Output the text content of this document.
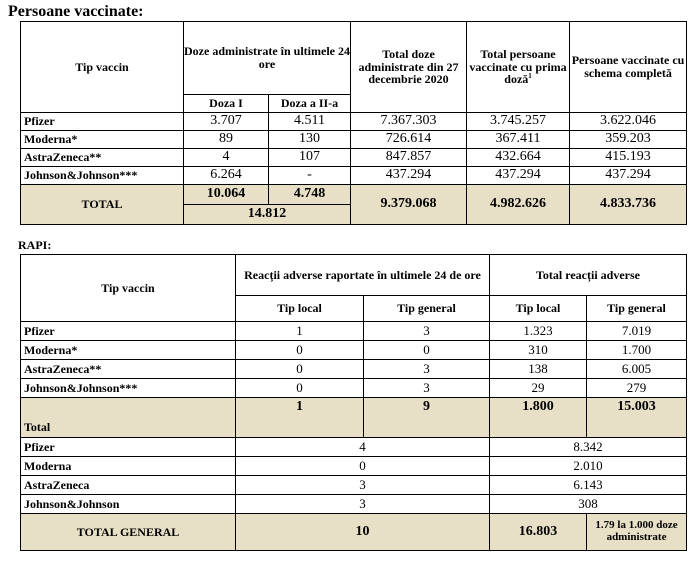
Persoane vaccinate:
Tip vaccin	Doze administrate în ultimele 24 ore		Total doze administrate din 27 decembrie 2020	Total persoane vaccinate cu prima doză$^1$	Persoane vaccinate cu schema completă
	Doza I	Doza a II-a			
Pfizer	3.707	4.511	7.367.303	3.745.257	3.622.046
Moderna*	89	130	726.614	367.411	359.203
AstraZeneca**	4	107	847.857	432.664	415.193
Johnson&Johnson***	6.264	-	437.294	437.294	437.294
TOTAL	10.064	4.748	9.379.068	4.982.626	4.833.736
	14.812				
RAPI:
Tip vaccin	Reacții adverse raportate în ultimele 24 de ore		Total reacții adverse	
	Tip local	Tip general	Tip local	Tip general
Pfizer	1	3	1.323	7.019
Moderna*	0	0	310	1.700
AstraZeneca**	0	3	138	6.005
Johnson&Johnson***	0	3	29	279
Total	1	9	1.800	15.003
Pfizer	4		8.342	
Moderna	0		2.010	
AstraZeneca	3		6.143	
Johnson&Johnson	3		308	
TOTAL GENERAL	10		16.803	1.79 la 1.000 doze administrate
